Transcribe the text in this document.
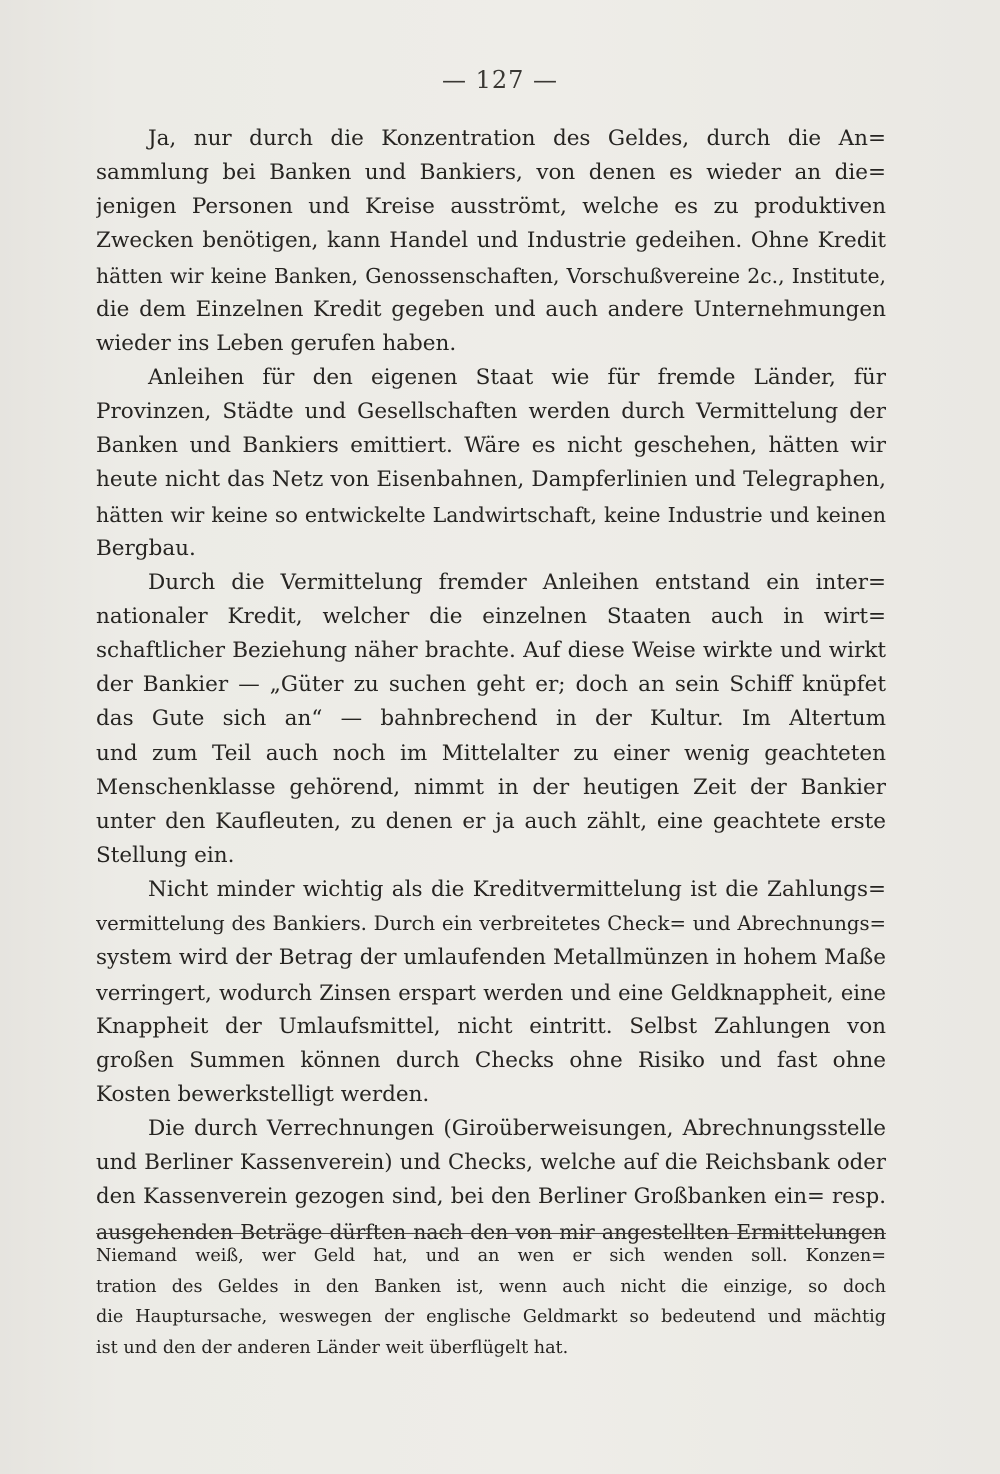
— 127 —
Ja, nur durch die Konzentration des Geldes, durch die An=
sammlung bei Banken und Bankiers, von denen es wieder an die=
jenigen Personen und Kreise ausströmt, welche es zu produktiven
Zwecken benötigen, kann Handel und Industrie gedeihen. Ohne Kredit
hätten wir keine Banken, Genossenschaften, Vorschußvereine 2c., Institute,
die dem Einzelnen Kredit gegeben und auch andere Unternehmungen
wieder ins Leben gerufen haben.
Anleihen für den eigenen Staat wie für fremde Länder, für
Provinzen, Städte und Gesellschaften werden durch Vermittelung der
Banken und Bankiers emittiert. Wäre es nicht geschehen, hätten wir
heute nicht das Netz von Eisenbahnen, Dampferlinien und Telegraphen,
hätten wir keine so entwickelte Landwirtschaft, keine Industrie und keinen
Bergbau.
Durch die Vermittelung fremder Anleihen entstand ein inter=
nationaler Kredit, welcher die einzelnen Staaten auch in wirt=
schaftlicher Beziehung näher brachte. Auf diese Weise wirkte und wirkt
der Bankier — „Güter zu suchen geht er; doch an sein Schiff knüpfet
das Gute sich an“ — bahnbrechend in der Kultur. Im Altertum
und zum Teil auch noch im Mittelalter zu einer wenig geachteten
Menschenklasse gehörend, nimmt in der heutigen Zeit der Bankier
unter den Kaufleuten, zu denen er ja auch zählt, eine geachtete erste
Stellung ein.
Nicht minder wichtig als die Kreditvermittelung ist die Zahlungs=
vermittelung des Bankiers. Durch ein verbreitetes Check= und Abrechnungs=
system wird der Betrag der umlaufenden Metallmünzen in hohem Maße
verringert, wodurch Zinsen erspart werden und eine Geldknappheit, eine
Knappheit der Umlaufsmittel, nicht eintritt. Selbst Zahlungen von
großen Summen können durch Checks ohne Risiko und fast ohne
Kosten bewerkstelligt werden.
Die durch Verrechnungen (Giroüberweisungen, Abrechnungsstelle
und Berliner Kassenverein) und Checks, welche auf die Reichsbank oder
den Kassenverein gezogen sind, bei den Berliner Großbanken ein= resp.
ausgehenden Beträge dürften nach den von mir angestellten Ermittelungen
Niemand weiß, wer Geld hat, und an wen er sich wenden soll. Konzen=
tration des Geldes in den Banken ist, wenn auch nicht die einzige, so doch
die Hauptursache, weswegen der englische Geldmarkt so bedeutend und mächtig
ist und den der anderen Länder weit überflügelt hat.
